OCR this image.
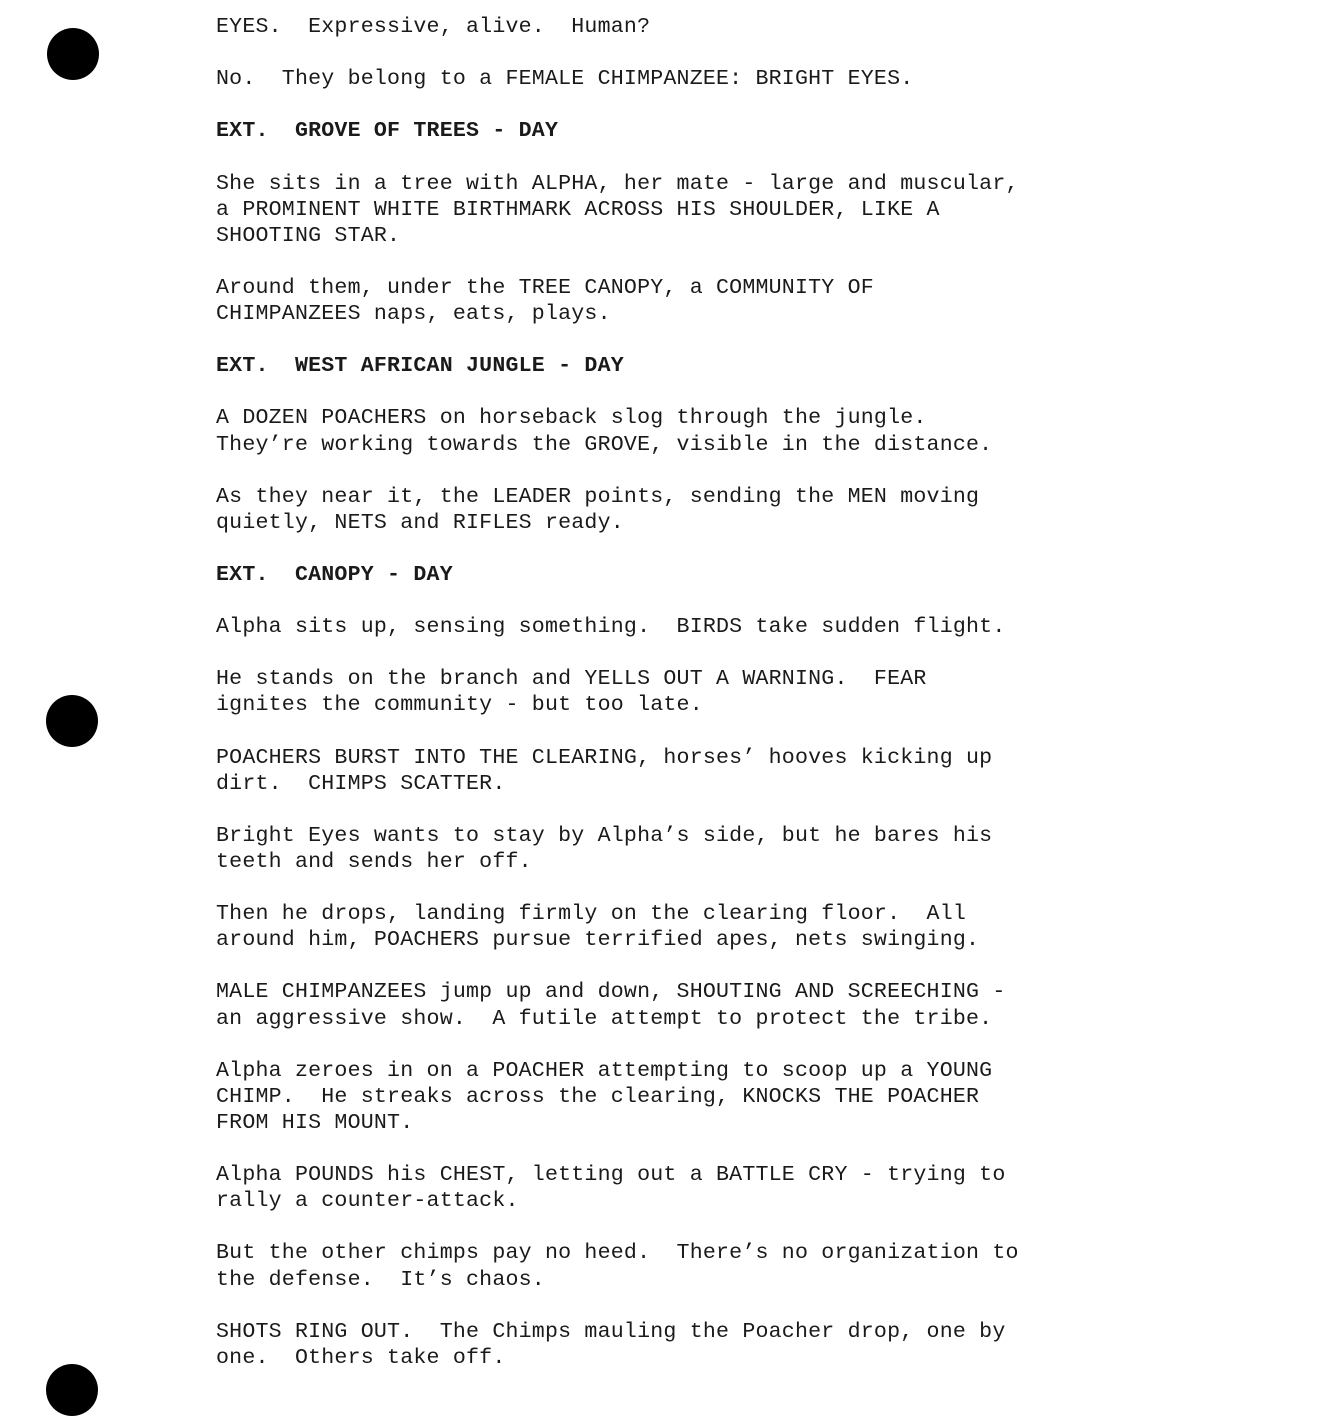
EYES.  Expressive, alive.  Human?
No.  They belong to a FEMALE CHIMPANZEE: BRIGHT EYES.
EXT.  GROVE OF TREES - DAY
She sits in a tree with ALPHA, her mate - large and muscular,
a PROMINENT WHITE BIRTHMARK ACROSS HIS SHOULDER, LIKE A
SHOOTING STAR.
Around them, under the TREE CANOPY, a COMMUNITY OF
CHIMPANZEES naps, eats, plays.
EXT.  WEST AFRICAN JUNGLE - DAY
A DOZEN POACHERS on horseback slog through the jungle.
They’re working towards the GROVE, visible in the distance.
As they near it, the LEADER points, sending the MEN moving
quietly, NETS and RIFLES ready.
EXT.  CANOPY - DAY
Alpha sits up, sensing something.  BIRDS take sudden flight.
He stands on the branch and YELLS OUT A WARNING.  FEAR
ignites the community - but too late.
POACHERS BURST INTO THE CLEARING, horses’ hooves kicking up
dirt.  CHIMPS SCATTER.
Bright Eyes wants to stay by Alpha’s side, but he bares his
teeth and sends her off.
Then he drops, landing firmly on the clearing floor.  All
around him, POACHERS pursue terrified apes, nets swinging.
MALE CHIMPANZEES jump up and down, SHOUTING AND SCREECHING -
an aggressive show.  A futile attempt to protect the tribe.
Alpha zeroes in on a POACHER attempting to scoop up a YOUNG
CHIMP.  He streaks across the clearing, KNOCKS THE POACHER
FROM HIS MOUNT.
Alpha POUNDS his CHEST, letting out a BATTLE CRY - trying to
rally a counter-attack.
But the other chimps pay no heed.  There’s no organization to
the defense.  It’s chaos.
SHOTS RING OUT.  The Chimps mauling the Poacher drop, one by
one.  Others take off.
